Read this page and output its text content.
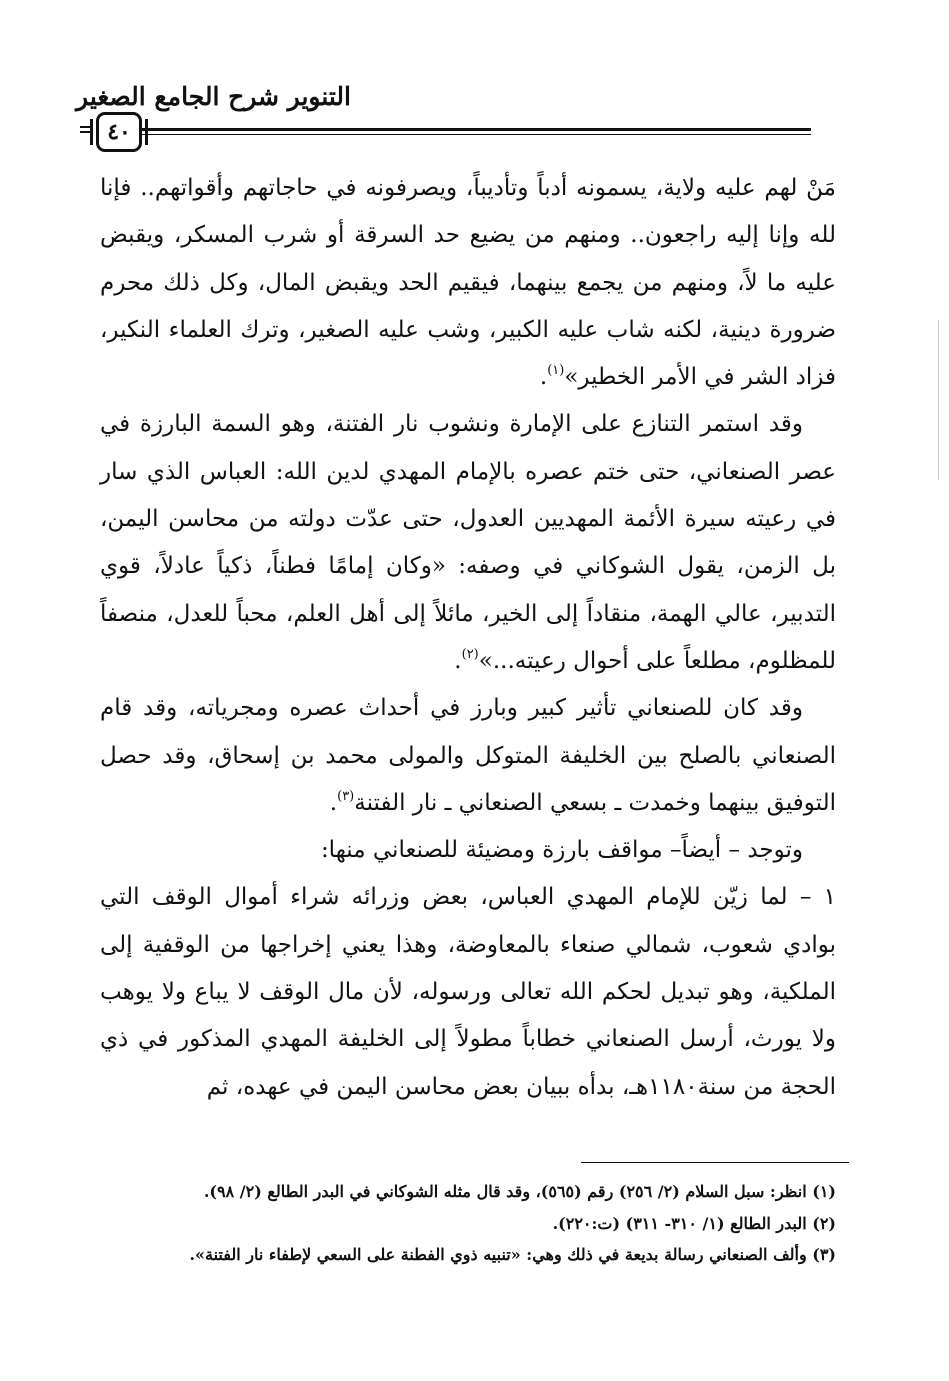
التنوير شرح الجامع الصغير
٤٠

مَنْ لهم عليه ولاية، يسمونه أدباً وتأديباً، ويصرفونه في حاجاتهم وأقواتهم.. فإنا لله وإنا إليه راجعون.. ومنهم من يضيع حد السرقة أو شرب المسكر، ويقبض عليه ما لاً، ومنهم من يجمع بينهما، فيقيم الحد ويقبض المال، وكل ذلك محرم ضرورة دينية، لكنه شاب عليه الكبير، وشب عليه الصغير، وترك العلماء النكير، فزاد الشر في الأمر الخطير»$^{(١)}$.

وقد استمر التنازع على الإمارة ونشوب نار الفتنة، وهو السمة البارزة في عصر الصنعاني، حتى ختم عصره بالإمام المهدي لدين الله: العباس الذي سار في رعيته سيرة الأئمة المهديين العدول، حتى عدّت دولته من محاسن اليمن، بل الزمن، يقول الشوكاني في وصفه: «وكان إمامًا فطناً، ذكياً عادلاً، قوي التدبير، عالي الهمة، منقاداً إلى الخير، مائلاً إلى أهل العلم، محباً للعدل، منصفاً للمظلوم، مطلعاً على أحوال رعيته...»$^{(٢)}$.

وقد كان للصنعاني تأثير كبير وبارز في أحداث عصره ومجرياته، وقد قام الصنعاني بالصلح بين الخليفة المتوكل والمولى محمد بن إسحاق، وقد حصل التوفيق بينهما وخمدت ـ بسعي الصنعاني ـ نار الفتنة$^{(٣)}$.

وتوجد – أيضاً– مواقف بارزة ومضيئة للصنعاني منها:

١ – لما زيّن للإمام المهدي العباس، بعض وزرائه شراء أموال الوقف التي بوادي شعوب، شمالي صنعاء بالمعاوضة، وهذا يعني إخراجها من الوقفية إلى الملكية، وهو تبديل لحكم الله تعالى ورسوله، لأن مال الوقف لا يباع ولا يوهب ولا يورث، أرسل الصنعاني خطاباً مطولاً إلى الخليفة المهدي المذكور في ذي الحجة من سنة١١٨٠هـ، بدأه ببيان بعض محاسن اليمن في عهده، ثم

(١) انظر: سبل السلام (٢/ ٢٥٦) رقم (٥٦٥)، وقد قال مثله الشوكاني في البدر الطالع (٢/ ٩٨).

(٢) البدر الطالع (١/ ٣١٠- ٣١١) (ت:٢٢٠).

(٣) وألف الصنعاني رسالة بديعة في ذلك وهي: «تنبيه ذوي الفطنة على السعي لإطفاء نار الفتنة».
